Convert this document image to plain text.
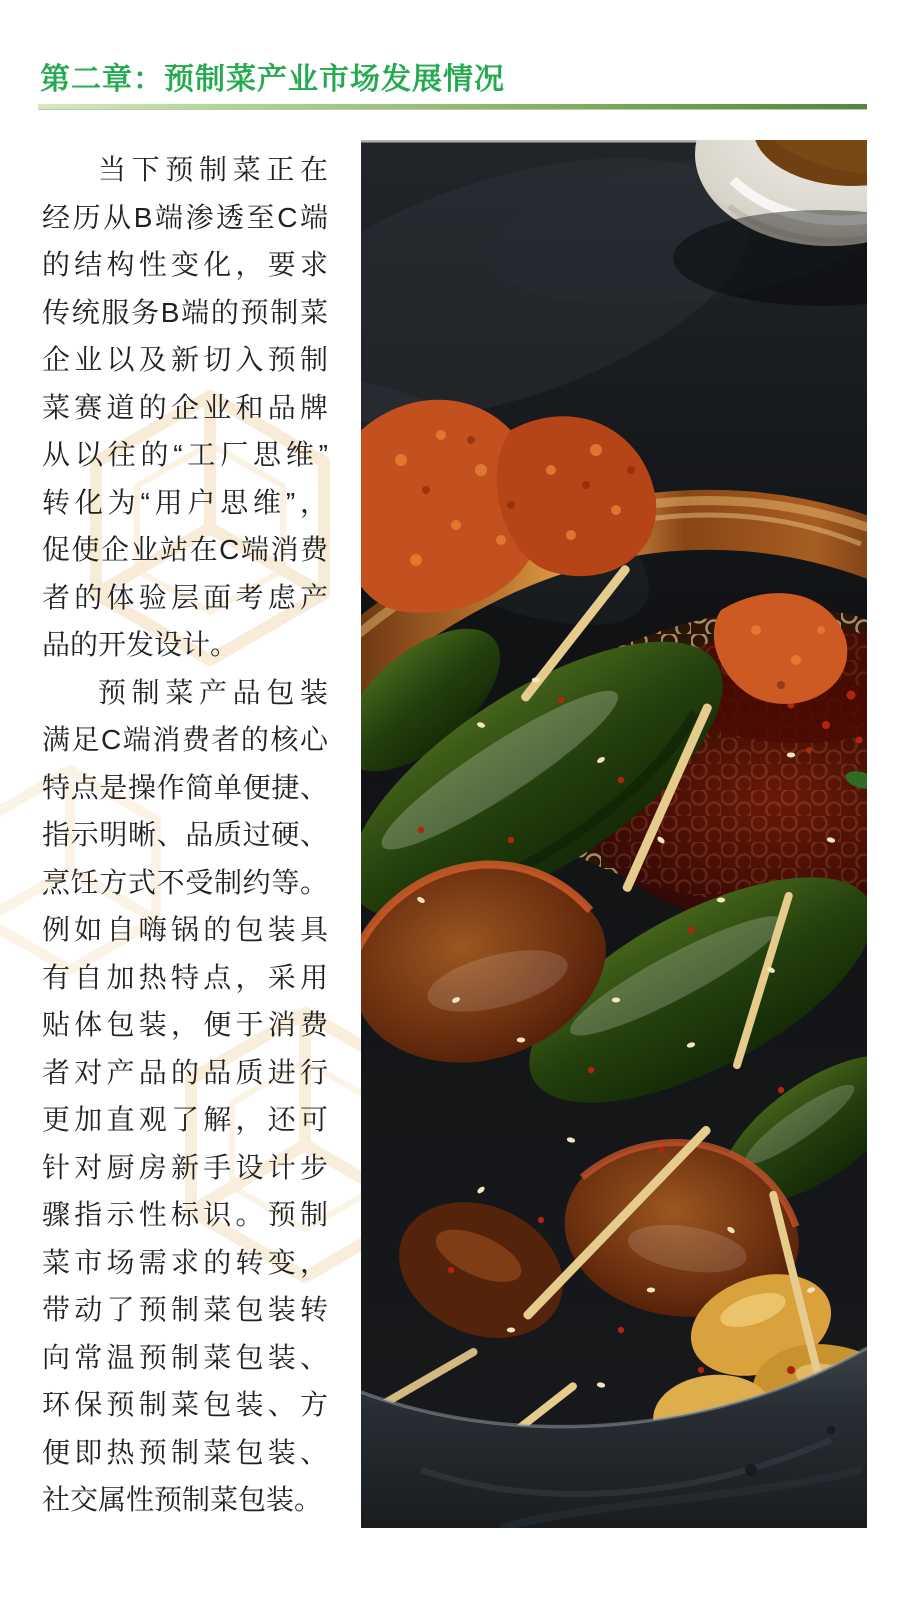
第二章：预制菜产业市场发展情况
当下预制菜正在
经历从B端渗透至C端
的结构性变化，要求
传统服务B端的预制菜
企业以及新切入预制
菜赛道的企业和品牌
从以往的“工厂思维”
转化为“用户思维”，
促使企业站在C端消费
者的体验层面考虑产
品的开发设计。
预制菜产品包装
满足C端消费者的核心
特点是操作简单便捷、
指示明晰、品质过硬、
烹饪方式不受制约等。
例如自嗨锅的包装具
有自加热特点，采用
贴体包装，便于消费
者对产品的品质进行
更加直观了解，还可
针对厨房新手设计步
骤指示性标识。预制
菜市场需求的转变，
带动了预制菜包装转
向常温预制菜包装、
环保预制菜包装、方
便即热预制菜包装、
社交属性预制菜包装。
